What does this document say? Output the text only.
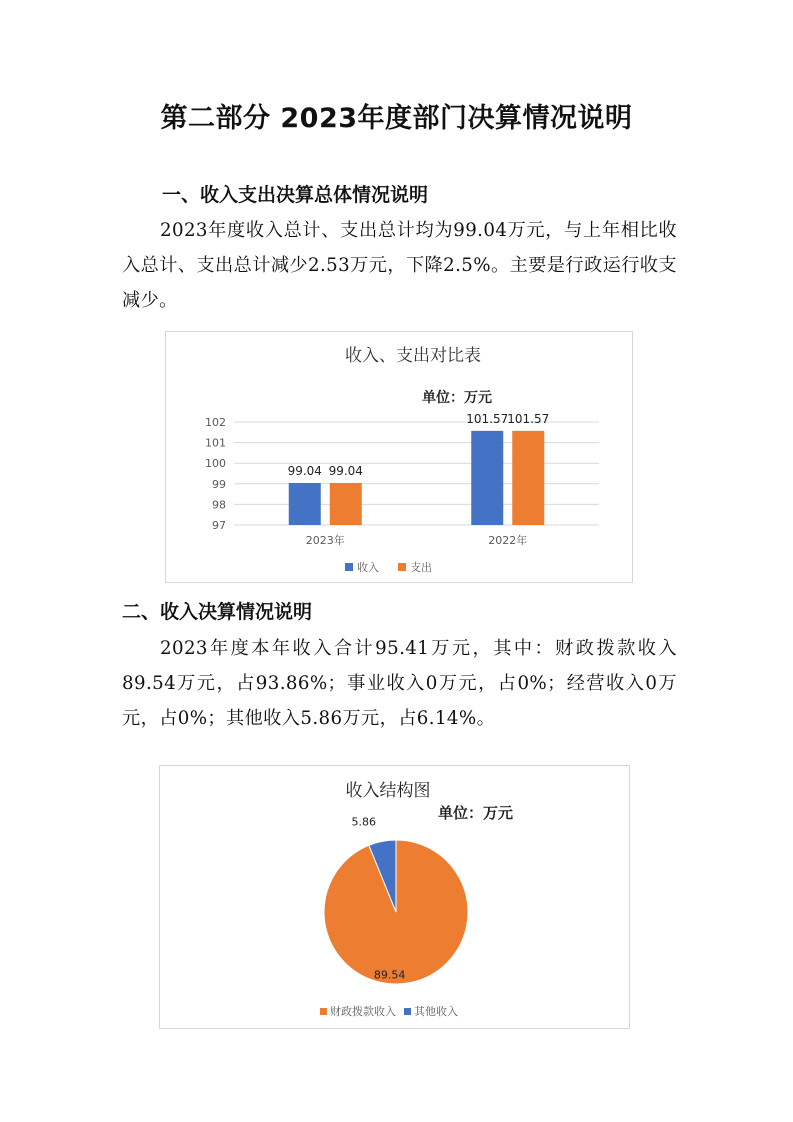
第二部分 2023年度部门决算情况说明
一、收入支出决算总体情况说明
2023年度收入总计、支出总计均为99.04万元，与上年相比收入总计、支出总计减少2.53万元，下降2.5%。主要是行政运行收支减少。
收入、支出对比表
单位：万元
97
98
99
100
101
102
99.04 99.04
101.57 101.57
2023年	2022年
收入	支出
二、收入决算情况说明
2023年度本年收入合计95.41万元，其中：财政拨款收入89.54万元，占93.86%；事业收入0万元，占0%；经营收入0万元，占0%；其他收入5.86万元，占6.14%。
收入结构图
单位：万元
89.54
5.86
财政拨款收入 其他收入
